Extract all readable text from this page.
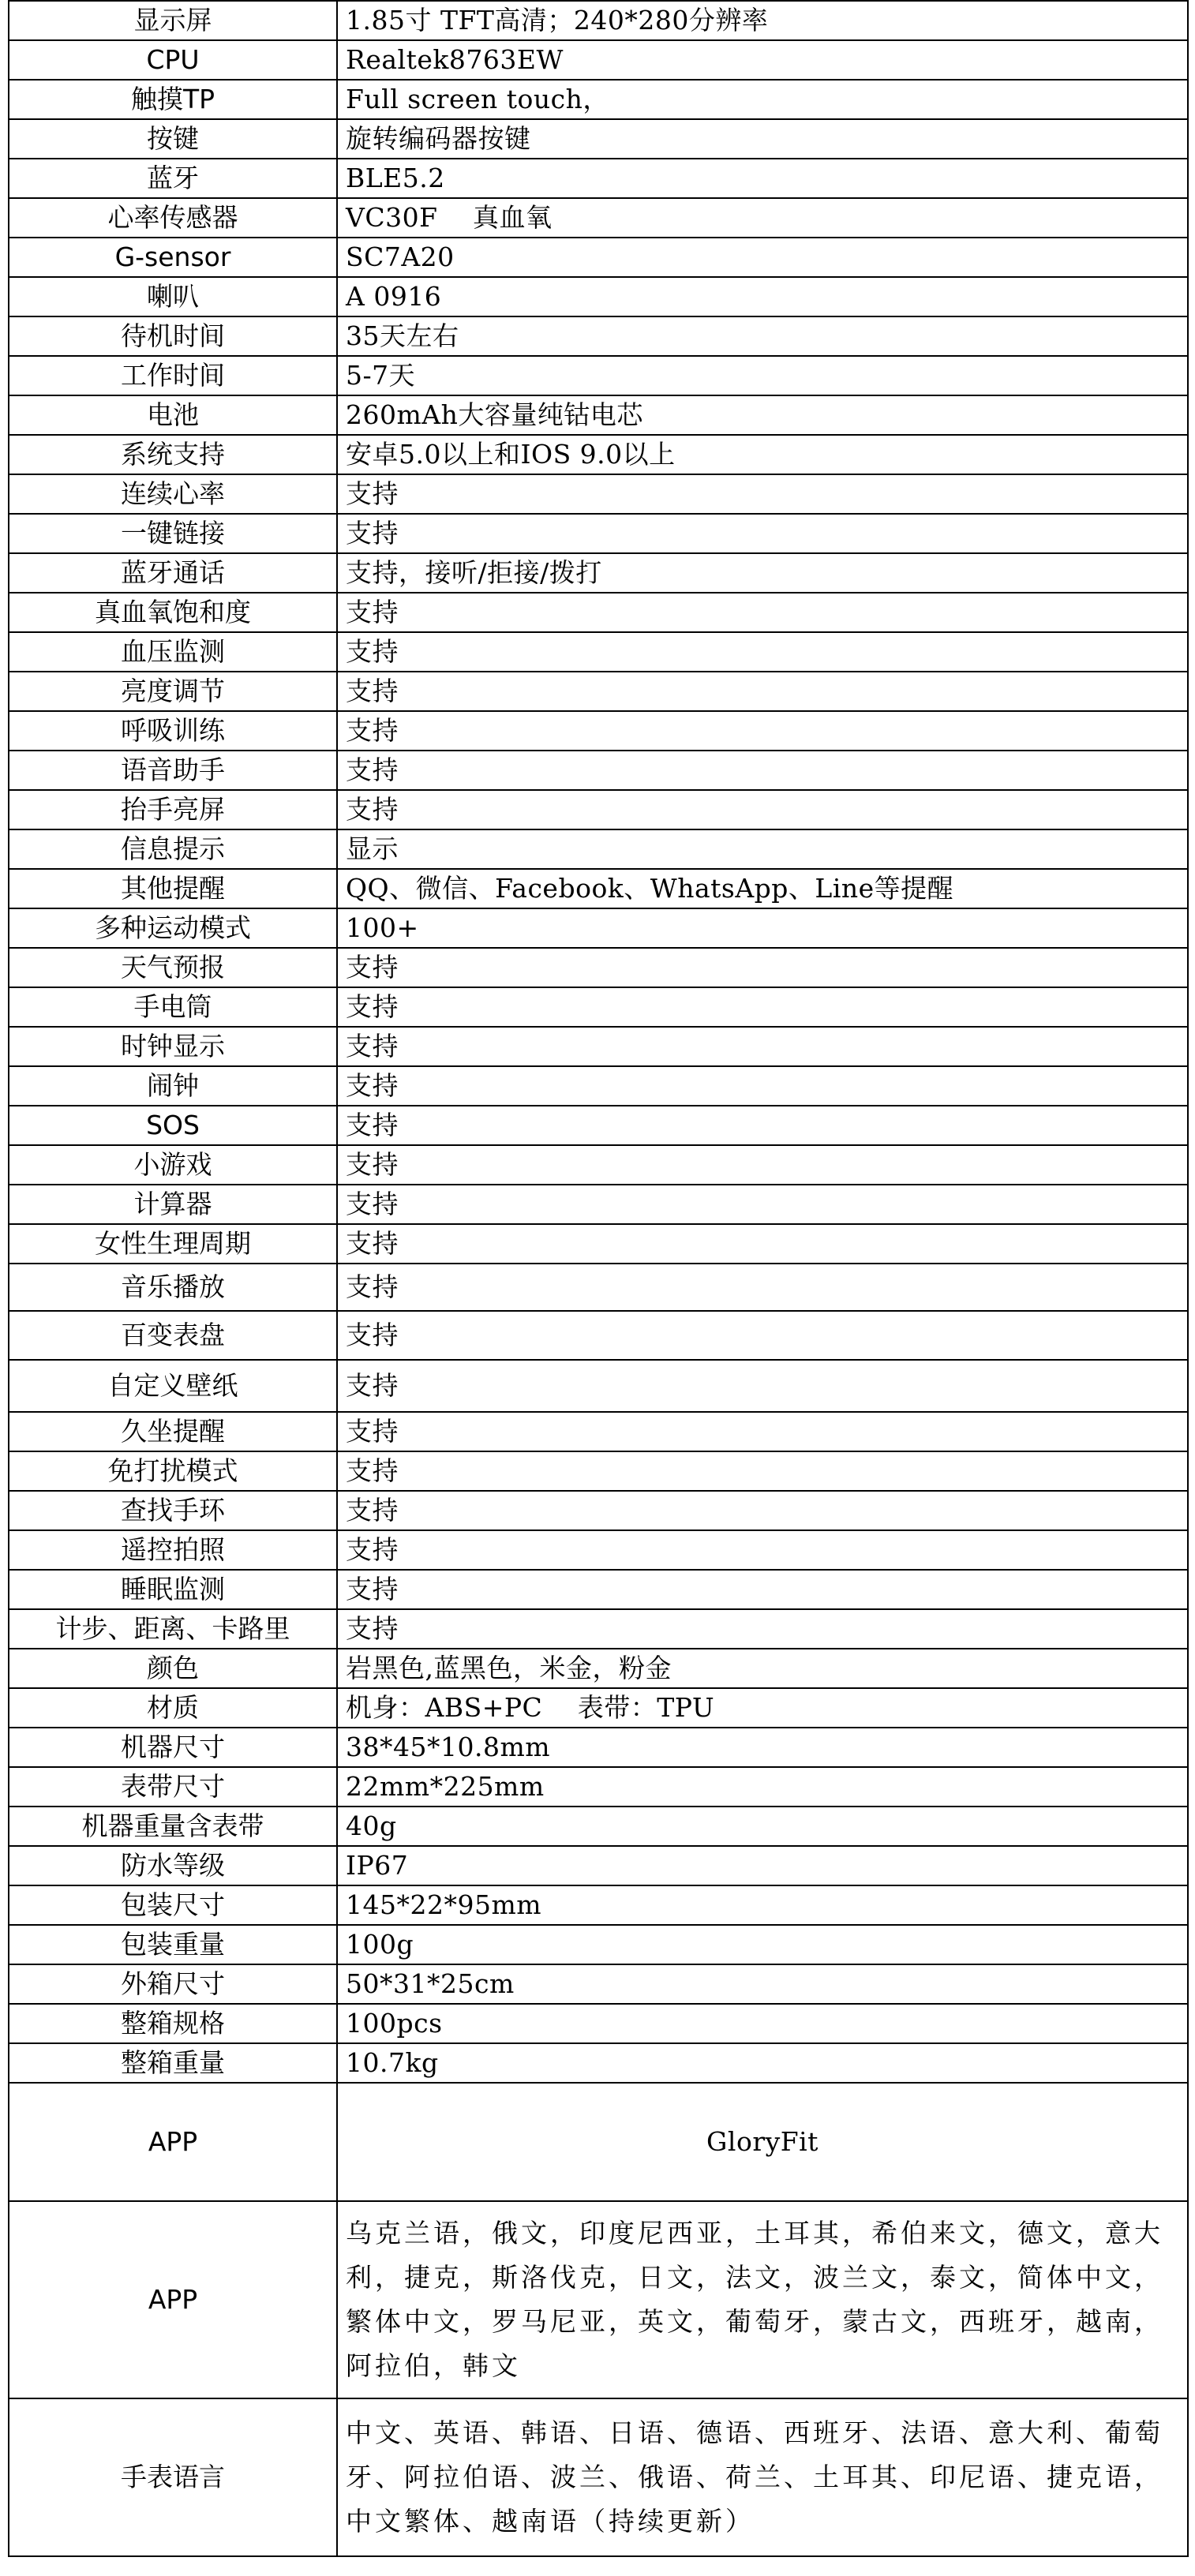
显示屏	1.85寸 TFT高清；240*280分辨率
CPU	Realtek8763EW
触摸TP	Full screen touch，
按键	旋转编码器按键
蓝牙	BLE5.2
心率传感器	VC30F　 真血氧
G-sensor	SC7A20
喇叭	A 0916
待机时间	35天左右
工作时间	5-7天
电池	260mAh大容量纯钴电芯
系统支持	安卓5.0以上和IOS 9.0以上
连续心率	支持
一键链接	支持
蓝牙通话	支持，接听/拒接/拨打
真血氧饱和度	支持
血压监测	支持
亮度调节	支持
呼吸训练	支持
语音助手	支持
抬手亮屏	支持
信息提示	显示
其他提醒	QQ、微信、Facebook、WhatsApp、Line等提醒
多种运动模式	100+
天气预报	支持
手电筒	支持
时钟显示	支持
闹钟	支持
SOS	支持
小游戏	支持
计算器	支持
女性生理周期	支持
音乐播放	支持
百变表盘	支持
自定义壁纸	支持
久坐提醒	支持
免打扰模式	支持
查找手环	支持
遥控拍照	支持
睡眠监测	支持
计步、距离、卡路里	支持
颜色	岩黑色,蓝黑色，米金，粉金
材质	机身：ABS+PC　 表带：TPU
机器尺寸	38*45*10.8mm
表带尺寸	22mm*225mm
机器重量含表带	40g
防水等级	IP67
包装尺寸	145*22*95mm
包装重量	100g
外箱尺寸	50*31*25cm
整箱规格	100pcs
整箱重量	10.7kg
APP	GloryFit
APP	乌克兰语，俄文，印度尼西亚，土耳其，希伯来文，德文，意大利，捷克，斯洛伐克，日文，法文，波兰文，泰文，简体中文，繁体中文，罗马尼亚，英文，葡萄牙，蒙古文，西班牙，越南，阿拉伯，韩文
手表语言	中文、英语、韩语、日语、德语、西班牙、法语、意大利、葡萄牙、阿拉伯语、波兰、俄语、荷兰、土耳其、印尼语、捷克语，中文繁体、越南语（持续更新）
